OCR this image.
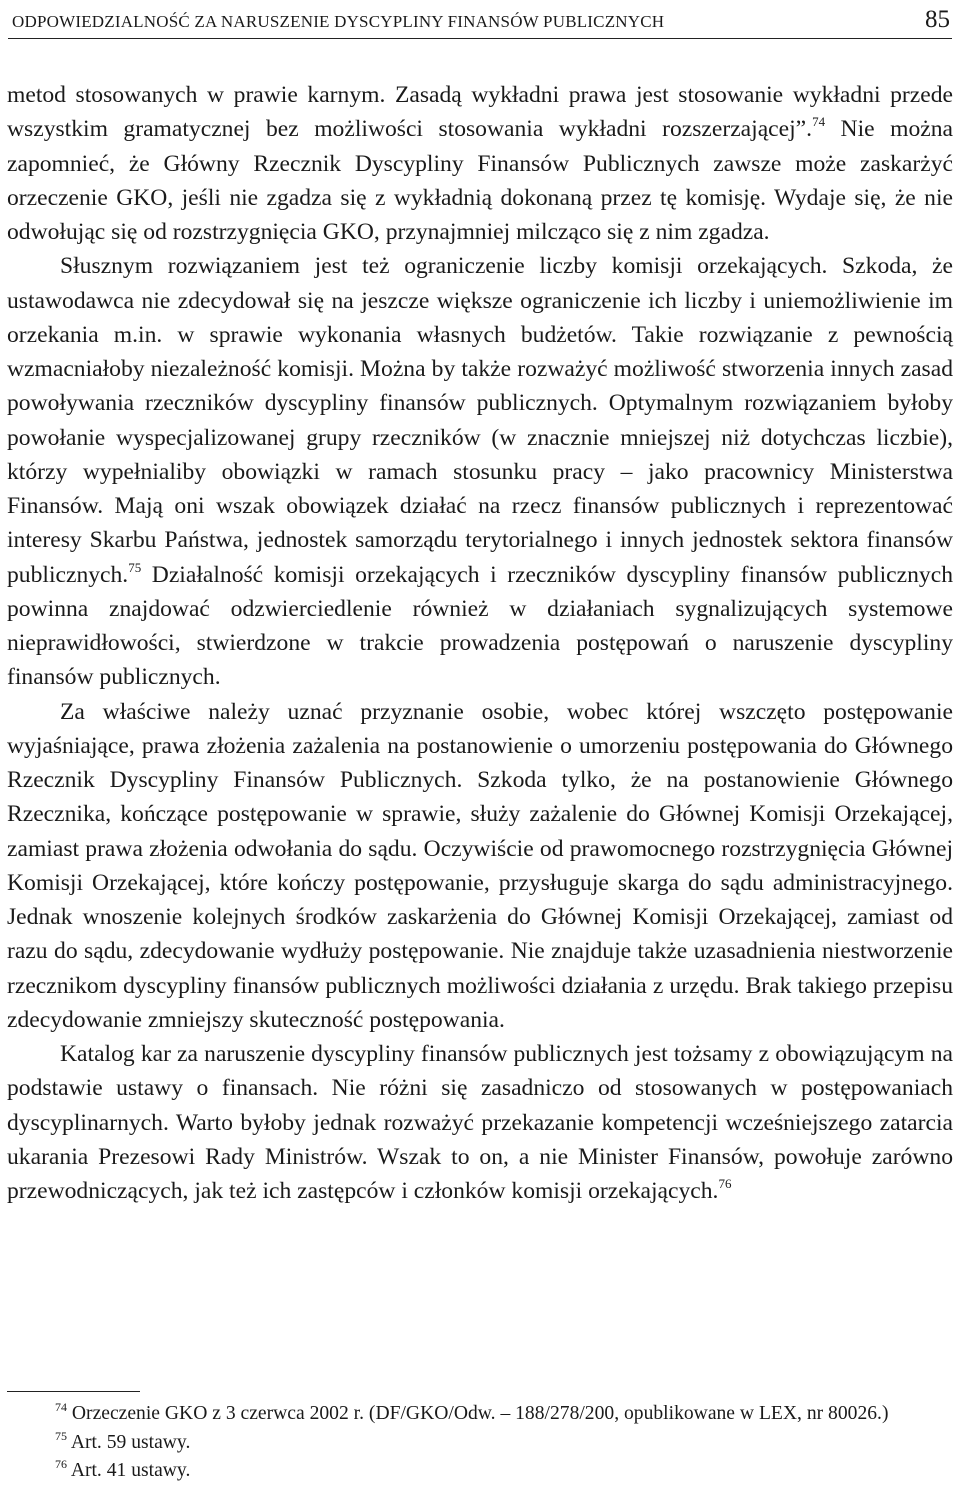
ODPOWIEDZIALNOŚĆ ZA NARUSZENIE DYSCYPLINY FINANSÓW PUBLICZNYCH	85

metod stosowanych w prawie karnym. Zasadą wykładni prawa jest stosowanie wykładni przede wszystkim gramatycznej bez możliwości stosowania wykładni rozszerzającej”.$^{74}$ Nie można zapomnieć, że Główny Rzecznik Dyscypliny Finansów Publicznych zawsze może zaskarżyć orzeczenie GKO, jeśli nie zgadza się z wykładnią dokonaną przez tę komisję. Wydaje się, że nie odwołując się od rozstrzygnięcia GKO, przynajmniej milcząco się z nim zgadza.

Słusznym rozwiązaniem jest też ograniczenie liczby komisji orzekających. Szkoda, że ustawodawca nie zdecydował się na jeszcze większe ograniczenie ich liczby i uniemożliwienie im orzekania m.in. w sprawie wykonania własnych budżetów. Takie rozwiązanie z pewnością wzmacniałoby niezależność komisji. Można by także rozważyć możliwość stworzenia innych zasad powoływania rzeczników dyscypliny finansów publicznych. Optymalnym rozwiązaniem byłoby powołanie wyspecjalizowanej grupy rzeczników (w znacznie mniejszej niż dotychczas liczbie), którzy wypełnialiby obowiązki w ramach stosunku pracy – jako pracownicy Ministerstwa Finansów. Mają oni wszak obowiązek działać na rzecz finansów publicznych i reprezentować interesy Skarbu Państwa, jednostek samorządu terytorialnego i innych jednostek sektora finansów publicznych.$^{75}$ Działalność komisji orzekających i rzeczników dyscypliny finansów publicznych powinna znajdować odzwierciedlenie również w działaniach sygnalizujących systemowe nieprawidłowości, stwierdzone w trakcie prowadzenia postępowań o naruszenie dyscypliny finansów publicznych.

Za właściwe należy uznać przyznanie osobie, wobec której wszczęto postępowanie wyjaśniające, prawa złożenia zażalenia na postanowienie o umorzeniu postępowania do Głównego Rzecznik Dyscypliny Finansów Publicznych. Szkoda tylko, że na postanowienie Głównego Rzecznika, kończące postępowanie w sprawie, służy zażalenie do Głównej Komisji Orzekającej, zamiast prawa złożenia odwołania do sądu. Oczywiście od prawomocnego rozstrzygnięcia Głównej Komisji Orzekającej, które kończy postępowanie, przysługuje skarga do sądu administracyjnego. Jednak wnoszenie kolejnych środków zaskarżenia do Głównej Komisji Orzekającej, zamiast od razu do sądu, zdecydowanie wydłuży postępowanie. Nie znajduje także uzasadnienia niestworzenie rzecznikom dyscypliny finansów publicznych możliwości działania z urzędu. Brak takiego przepisu zdecydowanie zmniejszy skuteczność postępowania.

Katalog kar za naruszenie dyscypliny finansów publicznych jest tożsamy z obowiązującym na podstawie ustawy o finansach. Nie różni się zasadniczo od stosowanych w postępowaniach dyscyplinarnych. Warto byłoby jednak rozważyć przekazanie kompetencji wcześniejszego zatarcia ukarania Prezesowi Rady Ministrów. Wszak to on, a nie Minister Finansów, powołuje zarówno przewodniczących, jak też ich zastępców i członków komisji orzekających.$^{76}$

$^{74}$ Orzeczenie GKO z 3 czerwca 2002 r. (DF/GKO/Odw. – 188/278/200, opublikowane w LEX, nr 80026.)

$^{75}$ Art. 59 ustawy.

$^{76}$ Art. 41 ustawy.
